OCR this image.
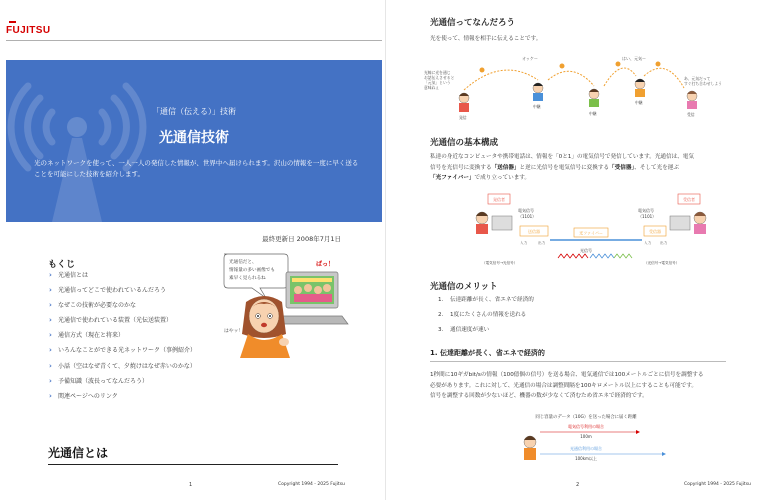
FUJITSU
「通信（伝える）」技術
光通信技術
光のネットワークを使って、一人一人の発信した情報が、世界中へ届けられます。沢山の情報を一度に早く送る
ことを可能にした技術を紹介します。
最終更新日 2008年7月1日
もくじ
› 光通信とは
› 光通信ってどこで使われているんだろう
› なぜこの技術が必要なのかな
› 光通信で使われている装置（光伝送装置）
› 通信方式（現在と将来）
› いろんなことができる光ネットワーク（事例紹介）
› 小話（空はなぜ青くて、夕焼けはなぜ赤いのかな）
› 予備知識（波長ってなんだろう）
› 関連ページへのリンク
光通信だと、
情報量の多い画像でも
素早く見られるね
ぱっ！
はやッ！
光通信とは
1	Copyright 1994 - 2025 Fujitsu
光通信ってなんだろう
光を使って、情報を相手に伝えることです。
光線に光を通じ
お話伝えさせると
「元気」という
意味ねぇ
オッケー	はい、元気ー
あ、元気だって
すぐ打ち合わせしよう
発信
中継
中継
中継
受信
光通信の基本構成
私達の身近なコンピュータや携帯電話は、情報を「0と1」の電気信号で発信しています。光通信は、電気
信号を光信号に変換する「送信器」と逆に光信号を電気信号に変換する「受信器」、そして光を運ぶ
「光ファイバー」で成り立っています。
発信者
電気信号
（1101）
送信器
入力	出力
光ファイバー
光信号
受信器
入力 出力
電気信号
（1101）
受信者
（電気信号→光信号）	（光信号→電気信号）
光通信のメリット
1. 伝達距離が長く、省エネで経済的
2. 1度にたくさんの情報を送れる
3. 通信速度が速い
1. 伝達距離が長く、省エネで経済的
1秒間に10ギガbit/sの情報（100億個の信号）を送る場合、電気通信では100メートルごとに信号を調整する
必要があります。これに対して、光通信の場合は調整間隔を100キロメートル以上にすることも可能です。
信号を調整する回数が少ないほど、機器の数が少なくて済むため省エネで経済的です。
同じ容量のデータ（10G）を送った場合に届く距離
電気信号利用の場合
100m
光通信利用の場合
100km以上
2	Copyright 1994 - 2025 Fujitsu
